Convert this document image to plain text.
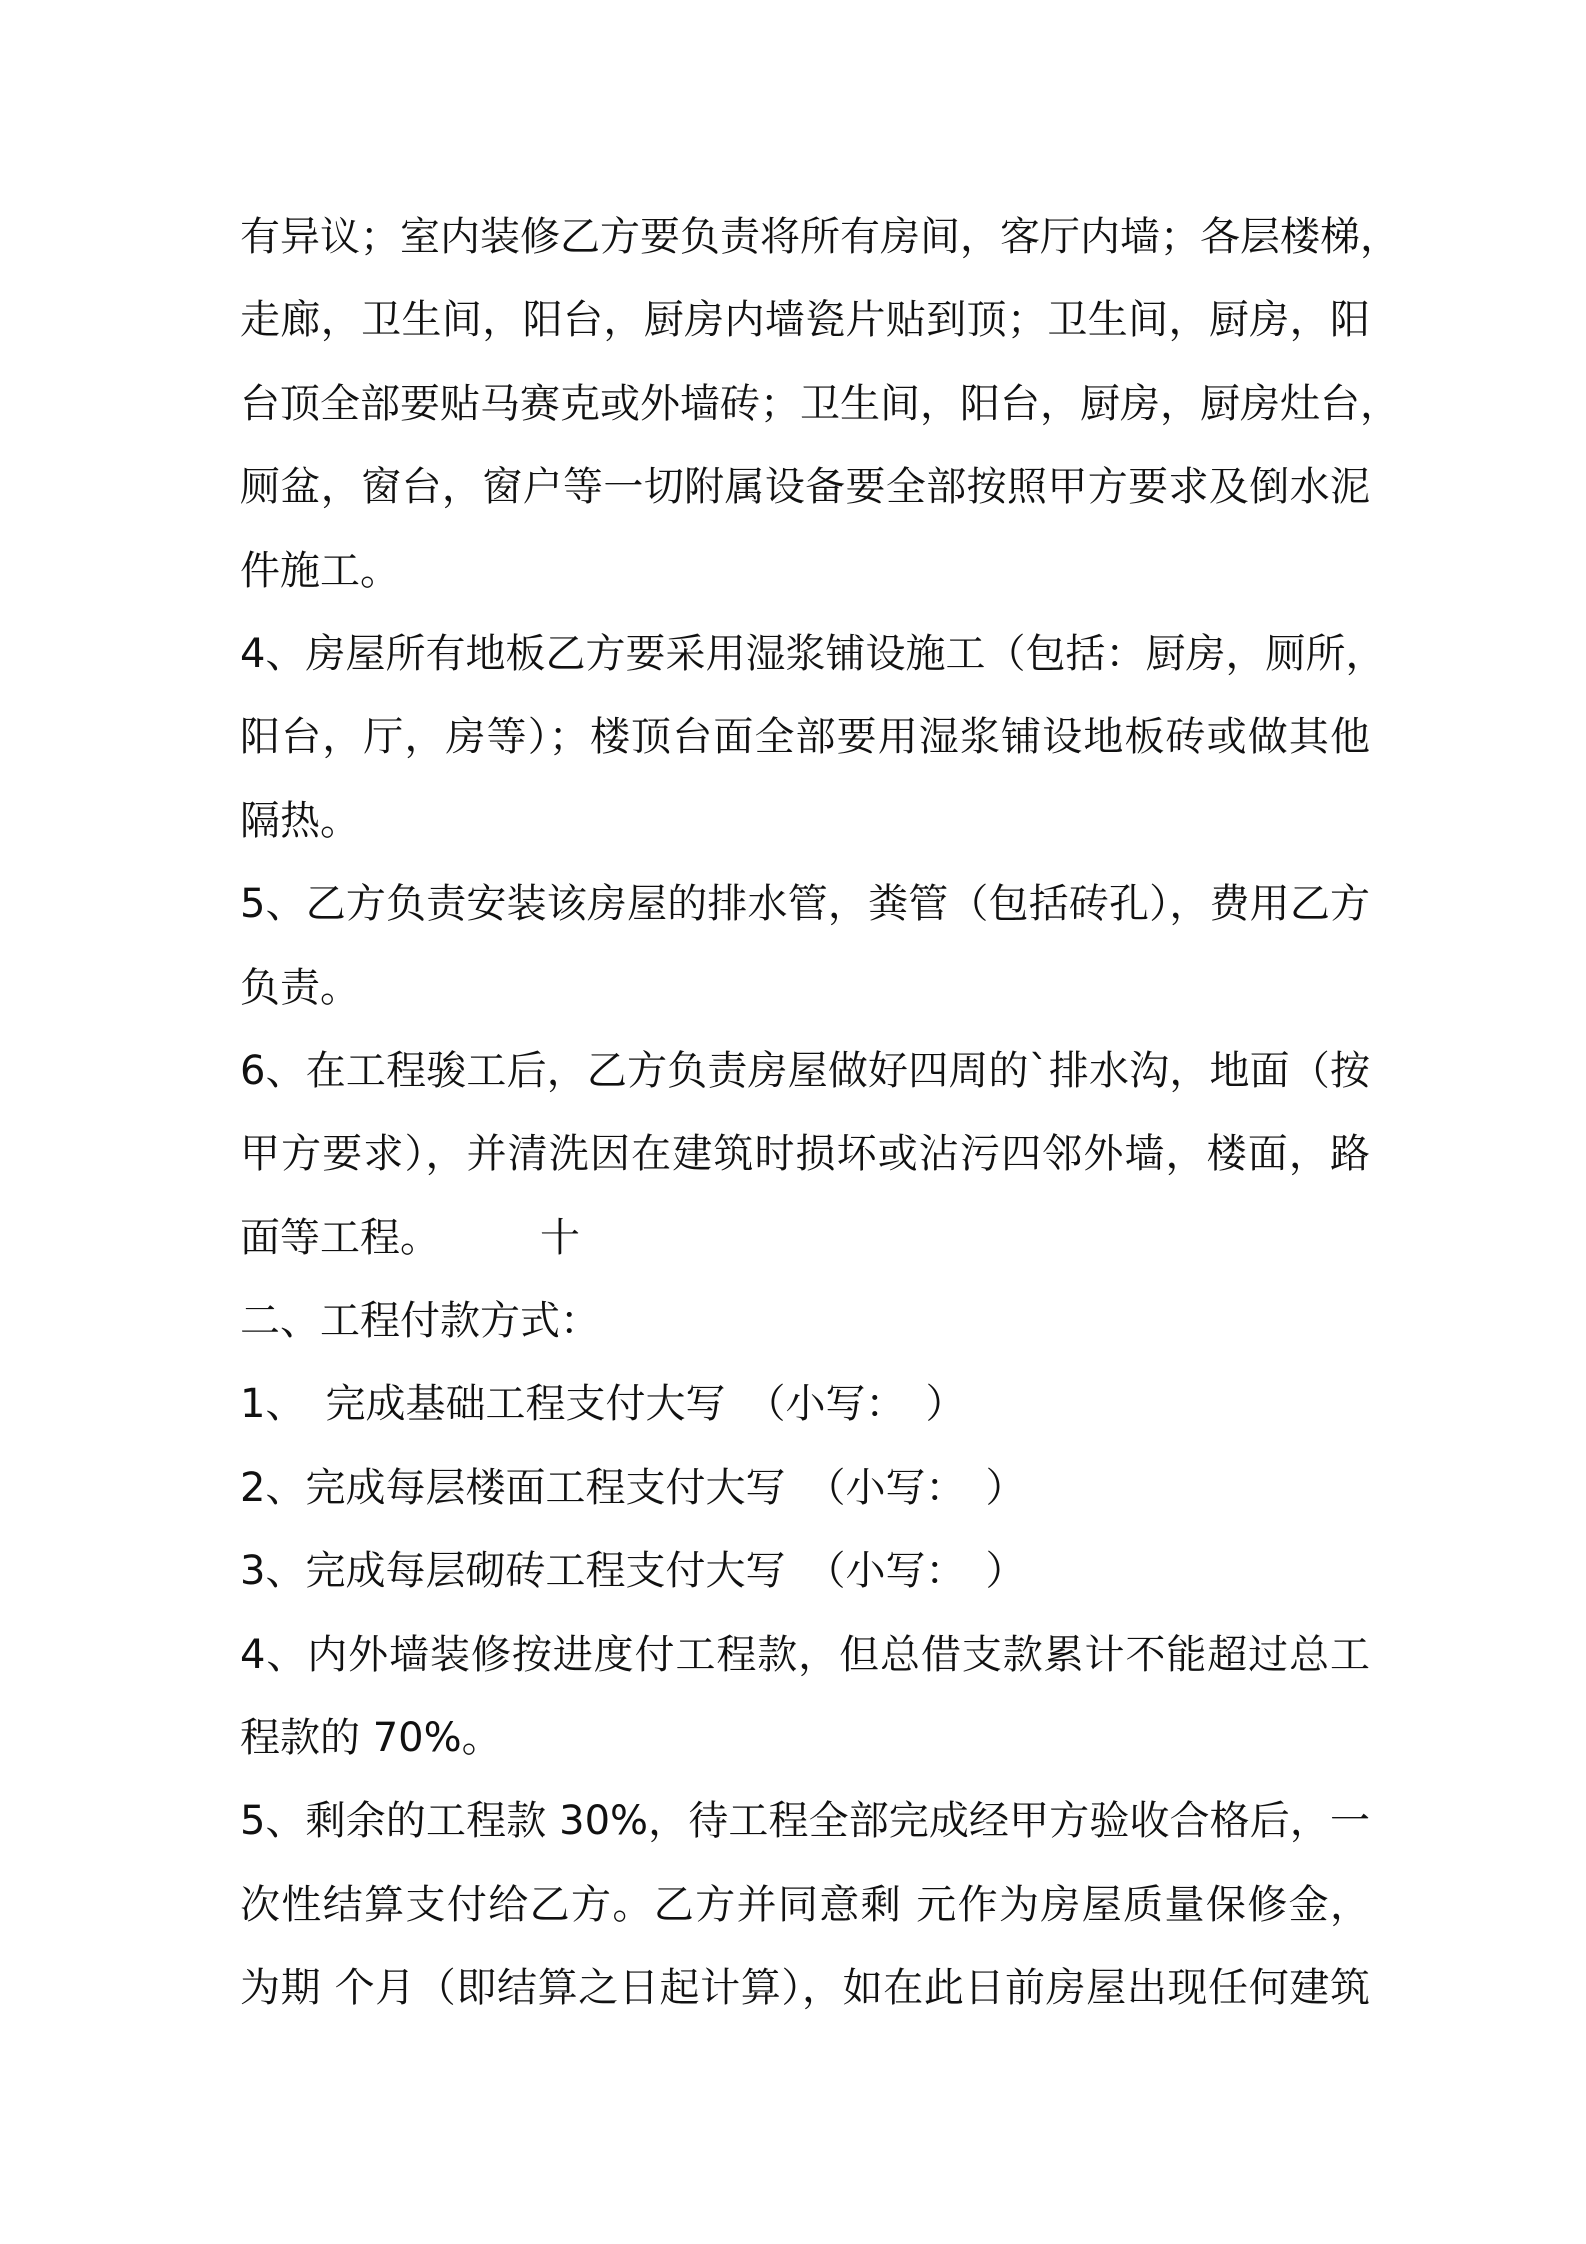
有异议；室内装修乙方要负责将所有房间，客厅内墙；各层楼梯，
走廊，卫生间，阳台，厨房内墙瓷片贴到顶；卫生间，厨房，阳
台顶全部要贴马赛克或外墙砖；卫生间，阳台，厨房，厨房灶台，
厕盆，窗台，窗户等一切附属设备要全部按照甲方要求及倒水泥
件施工。
4、房屋所有地板乙方要采用湿浆铺设施工（包括：厨房，厕所，
阳台，厅，房等）；楼顶台面全部要用湿浆铺设地板砖或做其他
隔热。
5、乙方负责安装该房屋的排水管，粪管（包括砖孔），费用乙方
负责。
6、在工程骏工后，乙方负责房屋做好四周的`排水沟，地面（按
甲方要求），并清洗因在建筑时损坏或沾污四邻外墙，楼面，路
面等工程。　　　十
二、工程付款方式：
1、　完成基础工程支付大写　（小写：　）
2、完成每层楼面工程支付大写　（小写：　）
3、完成每层砌砖工程支付大写　（小写：　）
4、内外墙装修按进度付工程款，但总借支款累计不能超过总工
程款的 70%。
5、剩余的工程款 30%，待工程全部完成经甲方验收合格后，一
次性结算支付给乙方。乙方并同意剩 元作为房屋质量保修金，
为期 个月（即结算之日起计算），如在此日前房屋出现任何建筑
